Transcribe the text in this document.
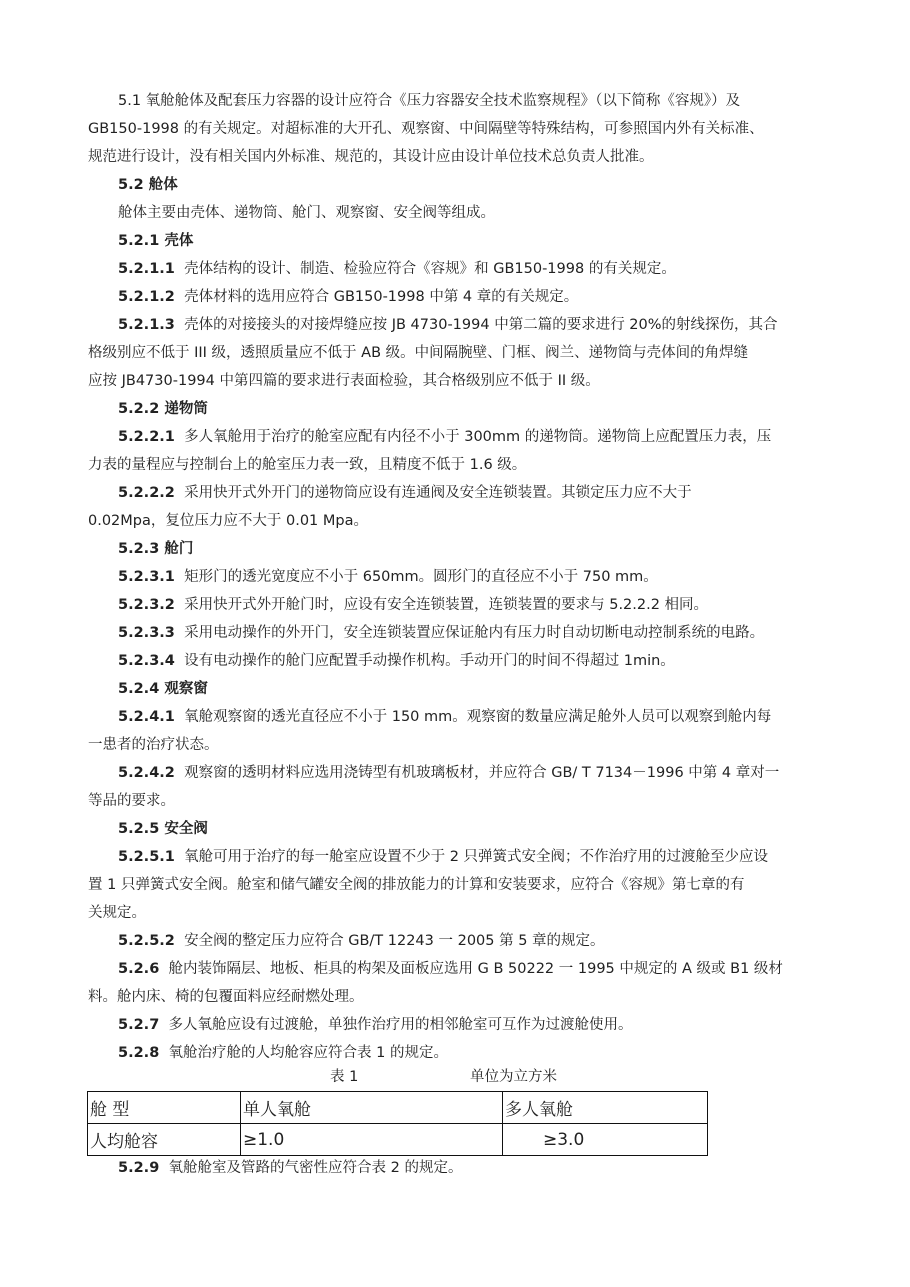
5.1 氧舱舱体及配套压力容器的设计应符合《压力容器安全技术监察规程》（以下简称《容规》）及
GB150-1998 的有关规定。对超标准的大开孔、观察窗、中间隔壁等特殊结构，可参照国内外有关标准、
规范进行设计，没有相关国内外标准、规范的，其设计应由设计单位技术总负责人批准。
5.2 舱体
舱体主要由壳体、递物筒、舱门、观察窗、安全阀等组成。
5.2.1 壳体
5.2.1.1 壳体结构的设计、制造、检验应符合《容规》和 GB150-1998 的有关规定。
5.2.1.2 壳体材料的选用应符合 GB150-1998 中第 4 章的有关规定。
5.2.1.3 壳体的对接接头的对接焊缝应按 JB 4730-1994 中第二篇的要求进行 20%的射线探伤，其合
格级别应不低于 III 级，透照质量应不低于 AB 级。中间隔腕壁、门框、阀兰、递物筒与壳体间的角焊缝
应按 JB4730-1994 中第四篇的要求进行表面检验，其合格级别应不低于 II 级。
5.2.2 递物筒
5.2.2.1 多人氧舱用于治疗的舱室应配有内径不小于 300mm 的递物筒。递物筒上应配置压力表，压
力表的量程应与控制台上的舱室压力表一致，且精度不低于 1.6 级。
5.2.2.2 采用快开式外开门的递物筒应设有连通阀及安全连锁装置。其锁定压力应不大于
0.02Mpa，复位压力应不大于 0.01 Mpa。
5.2.3 舱门
5.2.3.1 矩形门的透光宽度应不小于 650mm。圆形门的直径应不小于 750 mm。
5.2.3.2 采用快开式外开舱门时，应设有安全连锁装置，连锁装置的要求与 5.2.2.2 相同。
5.2.3.3 采用电动操作的外开门，安全连锁装置应保证舱内有压力时自动切断电动控制系统的电路。
5.2.3.4 设有电动操作的舱门应配置手动操作机构。手动开门的时间不得超过 1min。
5.2.4 观察窗
5.2.4.1 氧舱观察窗的透光直径应不小于 150 mm。观察窗的数量应满足舱外人员可以观察到舱内每
一患者的治疗状态。
5.2.4.2 观察窗的透明材料应选用浇铸型有机玻璃板材，并应符合 GB/ T 7134－1996 中第 4 章对一
等品的要求。
5.2.5 安全阀
5.2.5.1 氧舱可用于治疗的每一舱室应设置不少于 2 只弹簧式安全阀；不作治疗用的过渡舱至少应设
置 1 只弹簧式安全阀。舱室和储气罐安全阀的排放能力的计算和安装要求，应符合《容规》第七章的有
关规定。
5.2.5.2 安全阀的整定压力应符合 GB/T 12243 一 2005 第 5 章的规定。
5.2.6 舱内装饰隔层、地板、柜具的构架及面板应选用 G B 50222 一 1995 中规定的 A 级或 B1 级材
料。舱内床、椅的包覆面料应经耐燃处理。
5.2.7 多人氧舱应设有过渡舱，单独作治疗用的相邻舱室可互作为过渡舱使用。
5.2.8 氧舱治疗舱的人均舱容应符合表 1 的规定。
表 1	单位为立方米
舱 型	单人氧舱	多人氧舱
人均舱容	≥1.0	≥3.0
5.2.9 氧舱舱室及管路的气密性应符合表 2 的规定。
